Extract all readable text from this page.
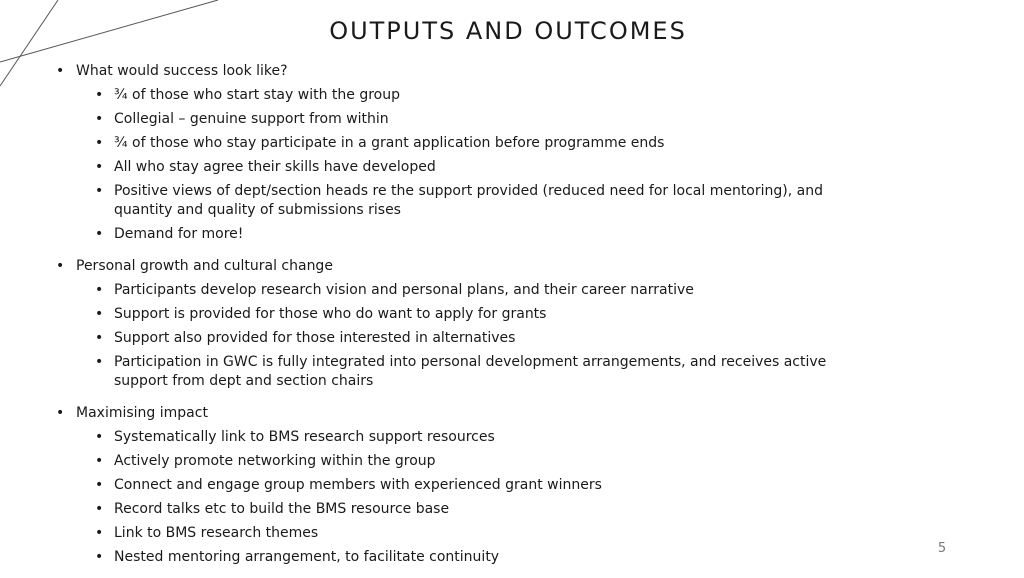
OUTPUTS AND OUTCOMES
• What would success look like?
• ¾ of those who start stay with the group
• Collegial – genuine support from within
• ¾ of those who stay participate in a grant application before programme ends
• All who stay agree their skills have developed
• Positive views of dept/section heads re the support provided (reduced need for local mentoring), and quantity and quality of submissions rises
• Demand for more!
• Personal growth and cultural change
• Participants develop research vision and personal plans, and their career narrative
• Support is provided for those who do want to apply for grants
• Support also provided for those interested in alternatives
• Participation in GWC is fully integrated into personal development arrangements, and receives active support from dept and section chairs
• Maximising impact
• Systematically link to BMS research support resources
• Actively promote networking within the group
• Connect and engage group members with experienced grant winners
• Record talks etc to build the BMS resource base
• Link to BMS research themes
• Nested mentoring arrangement, to facilitate continuity
5
